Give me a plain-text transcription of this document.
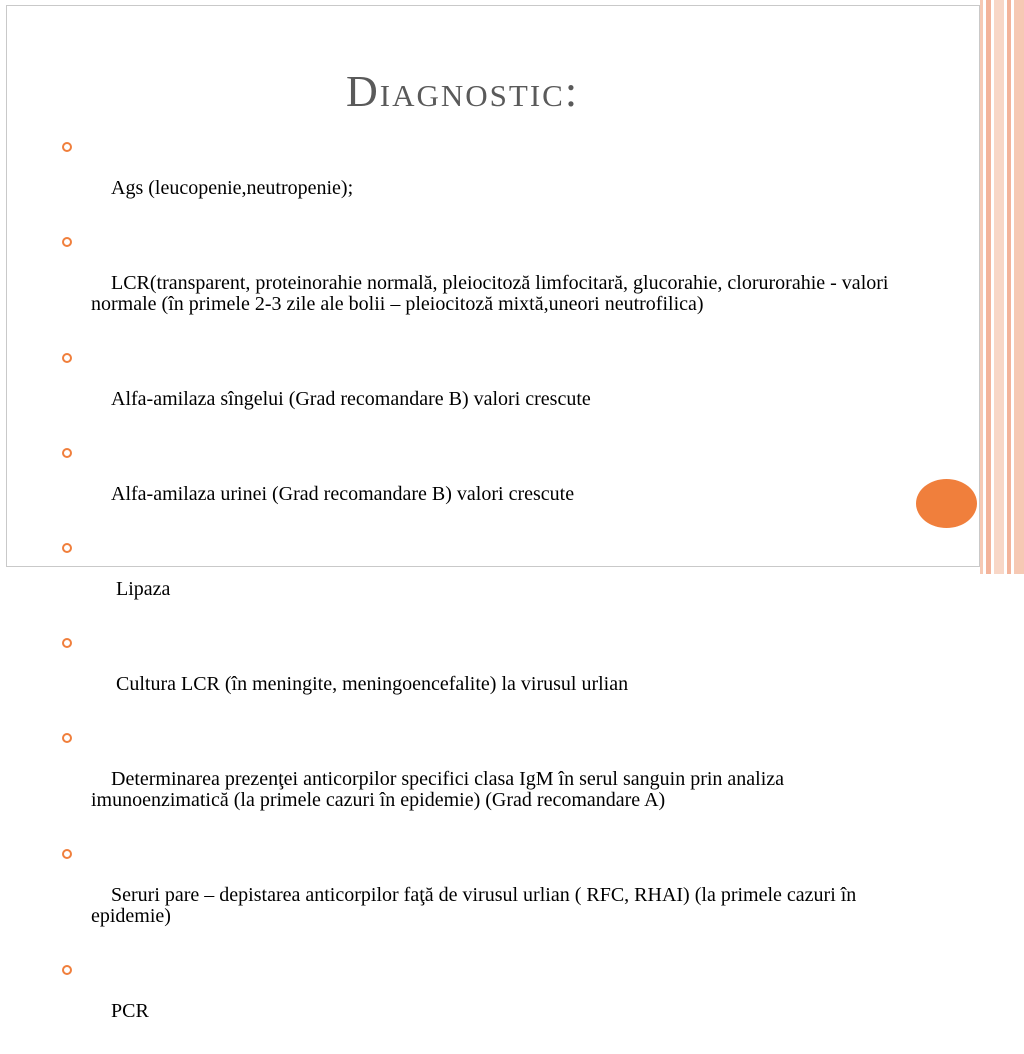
Diagnostic:

Ags (leucopenie,neutropenie);

LCR(transparent, proteinorahie normală, pleiocitoză limfocitară, glucorahie, clorurorahie - valori normale (în primele 2-3 zile ale bolii – pleiocitoză mixtă,uneori neutrofilica)

Alfa-amilaza sîngelui (Grad recomandare B) valori crescute

Alfa-amilaza urinei (Grad recomandare B) valori crescute

Lipaza

Cultura LCR (în meningite, meningoencefalite) la virusul urlian

Determinarea prezenţei anticorpilor specifici clasa IgM în serul sanguin prin analiza imunoenzimatică (la primele cazuri în epidemie) (Grad recomandare A)

Seruri pare – depistarea anticorpilor faţă de virusul urlian ( RFC, RHAI) (la primele cazuri în epidemie)

PCR
